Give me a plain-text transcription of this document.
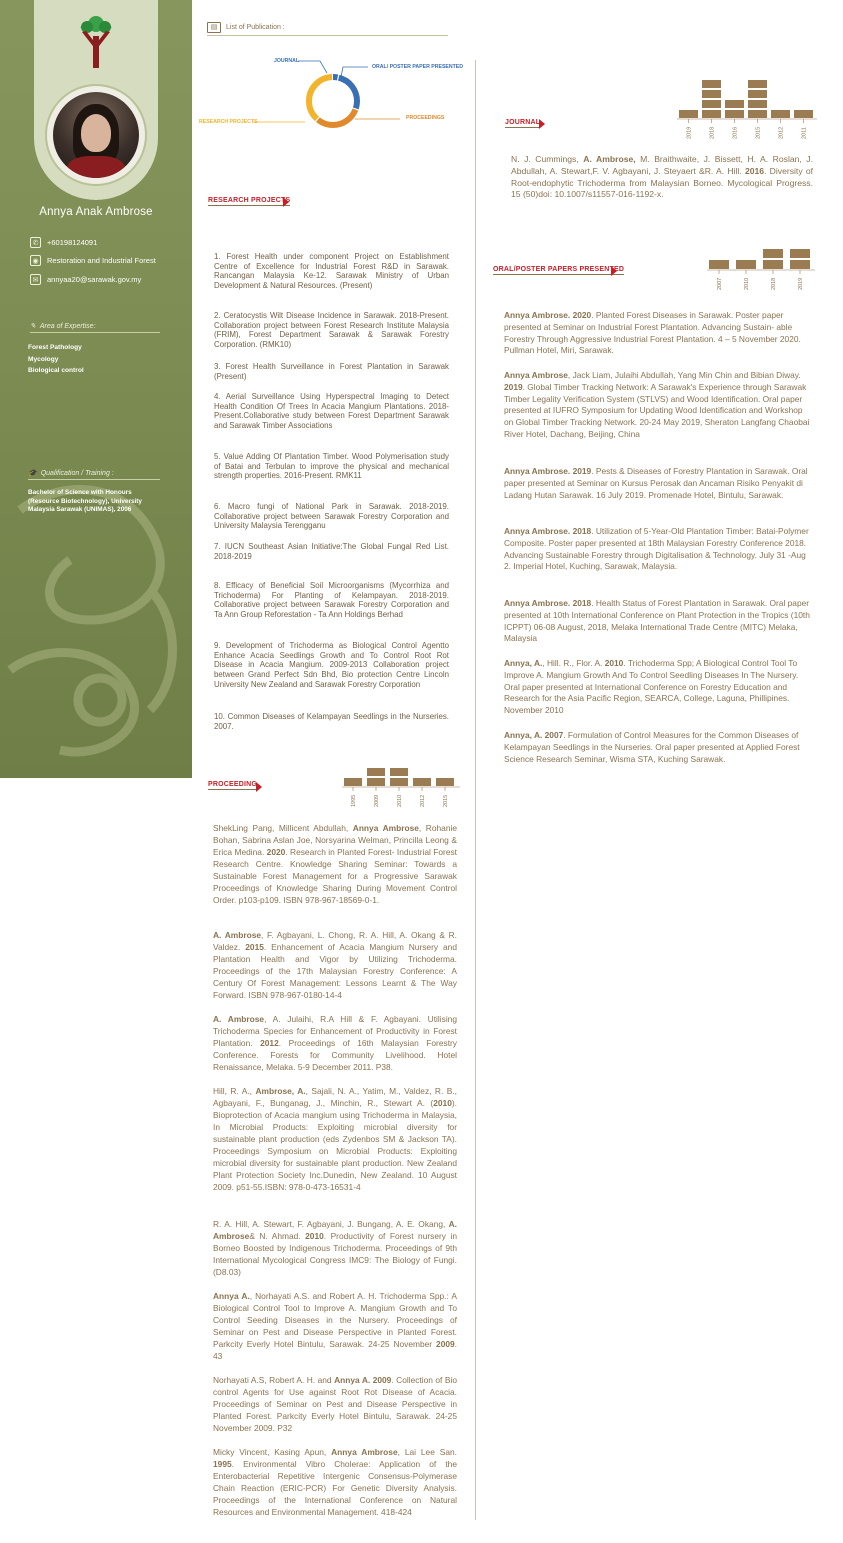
Annya Anak Ambrose
✆	+60198124091
◉	Restoration and Industrial Forest
✉	annyaa20@sarawak.gov.my
✎ Area of Expertise:
Forest Pathology
Mycology
Biological control
🎓 Qualification / Training :
Bachelor of Science with Honours (Resource Biotechnology), University Malaysia Sarawak (UNIMAS), 2006
▤	List of Publication :
JOURNAL
ORAL/ POSTER PAPER PRESENTED
PROCEEDINGS
RESEARCH PROJECTS
RESEARCH PROJECTS
1. Forest Health under component Project on Establishment Centre of Excellence for Industrial Forest R&D in Sarawak. Rancangan Malaysia Ke-12. Sarawak Ministry of Urban Development & Natural Resources. (Present)
2. Ceratocystis Wilt Disease Incidence in Sarawak. 2018-Present. Collaboration project between Forest Research Institute Malaysia (FRIM), Forest Department Sarawak & Sarawak Forestry Corporation. (RMK10)
3. Forest Health Surveillance in Forest Plantation in Sarawak (Present)
4. Aerial Surveillance Using Hyperspectral Imaging to Detect Health Condition Of Trees In Acacia Mangium Plantations. 2018-Present.Collaborative study between Forest Department Sarawak and Sarawak Timber Associations
5. Value Adding Of Plantation Timber. Wood Polymerisation study of Batai and Terbulan to improve the physical and mechanical strength properties. 2016-Present. RMK11
6. Macro fungi of National Park in Sarawak. 2018-2019. Collaborative project between Sarawak Forestry Corporation and University Malaysia Terengganu
7. IUCN Southeast Asian Initiative:The Global Fungal Red List. 2018-2019
8. Efficacy of Beneficial Soil Microorganisms (Mycorrhiza and Trichoderma) For Planting of Kelampayan. 2018-2019. Collaborative project between Sarawak Forestry Corporation and Ta Ann Group Reforestation - Ta Ann Holdings Berhad
9. Development of Trichoderma as Biological Control Agentto Enhance Acacia Seedlings Growth and To Control Root Rot Disease in Acacia Mangium. 2009-2013 Collaboration project between Grand Perfect Sdn Bhd, Bio protection Centre Lincoln University New Zealand and Sarawak Forestry Corporation
10. Common Diseases of Kelampayan Seedlings in the Nurseries. 2007.
PROCEEDING
1995	2009	2010	2012	2015
ShekLing Pang, Millicent Abdullah, Annya Ambrose, Rohanie Bohan, Sabrina Aslan Joe, Norsyarina Welman, Princilla Leong & Erica Medina. 2020. Research in Planted Forest- Industrial Forest Research Centre. Knowledge Sharing Seminar: Towards a Sustainable Forest Management for a Progressive Sarawak Proceedings of Knowledge Sharing During Movement Control Order. p103-p109. ISBN 978-967-18569-0-1.
A. Ambrose, F. Agbayani, L. Chong, R. A. Hill, A. Okang & R. Valdez. 2015. Enhancement of Acacia Mangium Nursery and Plantation Health and Vigor by Utilizing Trichoderma. Proceedings of the 17th Malaysian Forestry Conference: A Century Of Forest Management: Lessons Learnt & The Way Forward. ISBN 978-967-0180-14-4
A. Ambrose, A. Julaihi, R.A Hill & F. Agbayani. Utilising Trichoderma Species for Enhancement of Productivity in Forest Plantation. 2012. Proceedings of 16th Malaysian Forestry Conference. Forests for Community Livelihood. Hotel Renaissance, Melaka. 5-9 December 2011. P38.
Hill, R. A., Ambrose, A., Sajali, N. A., Yatim, M., Valdez, R. B., Agbayani, F., Bunganag, J., Minchin, R., Stewart A. (2010). Bioprotection of Acacia mangium using Trichoderma in Malaysia, In Microbial Products: Exploiting microbial diversity for sustainable plant production (eds Zydenbos SM & Jackson TA). Proceedings Symposium on Microbial Products: Exploiting microbial diversity for sustainable plant production. New Zealand Plant Protection Society Inc.Dunedin, New Zealand. 10 August 2009. p51-55.ISBN: 978-0-473-16531-4
R. A. Hill, A. Stewart, F. Agbayani, J. Bungang, A. E. Okang, A. Ambrose& N. Ahmad. 2010. Productivity of Forest nursery in Borneo Boosted by Indigenous Trichoderma. Proceedings of 9th International Mycological Congress IMC9: The Biology of Fungi. (D8.03)
Annya A., Norhayati A.S. and Robert A. H. Trichoderma Spp.: A Biological Control Tool to Improve A. Mangium Growth and To Control Seeding Diseases in the Nursery. Proceedings of Seminar on Pest and Disease Perspective in Planted Forest. Parkcity Everly Hotel Bintulu, Sarawak. 24-25 November 2009. 43
Norhayati A.S, Robert A. H. and Annya A. 2009. Collection of Bio control Agents for Use against Root Rot Disease of Acacia. Proceedings of Seminar on Pest and Disease Perspective in Planted Forest. Parkcity Everly Hotel Bintulu, Sarawak. 24-25 November 2009. P32
Micky Vincent, Kasing Apun, Annya Ambrose, Lai Lee San. 1995. Environmental Vibro Cholerae: Application of the Enterobacterial Repetitive Intergenic Consensus-Polymerase Chain Reaction (ERIC-PCR) For Genetic Diversity Analysis. Proceedings of the International Conference on Natural Resources and Environmental Management. 418-424
JOURNAL
2019	2018	2016	2015	2012	2011
N. J. Cummings, A. Ambrose, M. Braithwaite, J. Bissett, H. A. Roslan, J. Abdullah, A. Stewart,F. V. Agbayani, J. Steyaert &R. A. Hill. 2016. Diversity of Root-endophytic Trichoderma from Malaysian Borneo. Mycological Progress. 15 (50)doi: 10.1007/s11557-016-1192-x.
ORAL/POSTER PAPERS PRESENTED
2007	2010	2018	2019
Annya Ambrose. 2020. Planted Forest Diseases in Sarawak. Poster paper presented at Seminar on Industrial Forest Plantation. Advancing Sustain- able Forestry Through Aggressive Industrial Forest Plantation. 4 – 5 November 2020. Pullman Hotel, Miri, Sarawak.
Annya Ambrose, Jack Liam, Julaihi Abdullah, Yang Min Chin and Bibian Diway. 2019. Global Timber Tracking Network: A Sarawak's Experience through Sarawak Timber Legality Verification System (STLVS) and Wood Identification. Oral paper presented at IUFRO Symposium for Updating Wood Identification and Workshop on Global Timber Tracking Network. 20-24 May 2019, Sheraton Langfang Chaobai River Hotel, Dachang, Beijing, China
Annya Ambrose. 2019. Pests & Diseases of Forestry Plantation in Sarawak. Oral paper presented at Seminar on Kursus Perosak dan Ancaman Risiko Penyakit di Ladang Hutan Sarawak. 16 July 2019. Promenade Hotel, Bintulu, Sarawak.
Annya Ambrose. 2018. Utilization of 5-Year-Old Plantation Timber: Batai-Polymer Composite. Poster paper presented at 18th Malaysian Forestry Conference 2018. Advancing Sustainable Forestry through Digitalisation & Technology. July 31 -Aug 2. Imperial Hotel, Kuching, Sarawak, Malaysia.
Annya Ambrose. 2018. Health Status of Forest Plantation in Sarawak. Oral paper presented at 10th International Conference on Plant Protection in the Tropics (10th ICPPT) 06-08 August, 2018, Melaka International Trade Centre (MITC) Melaka, Malaysia
Annya, A., Hill. R., Flor. A. 2010. Trichoderma Spp; A Biological Control Tool To Improve A. Mangium Growth And To Control Seedling Diseases In The Nursery. Oral paper presented at International Conference on Forestry Education and Research for the Asia Pacific Region, SEARCA, College, Laguna, Phillipines. November 2010
Annya, A. 2007. Formulation of Control Measures for the Common Diseases of Kelampayan Seedlings in the Nurseries. Oral paper presented at Applied Forest Science Research Seminar, Wisma STA, Kuching Sarawak.
